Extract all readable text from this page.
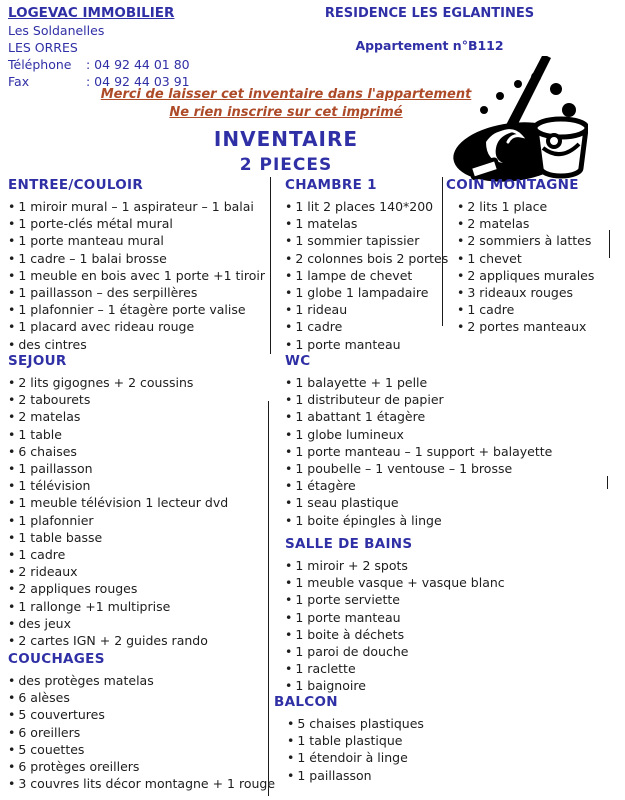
LOGEVAC IMMOBILIER
Les Soldanelles
LES ORRES
Téléphone	: 04 92 44 01 80
Fax	: 04 92 44 03 91
RESIDENCE LES EGLANTINES
Appartement n°B112
Merci de laisser cet inventaire dans l'appartement
Ne rien inscrire sur cet imprimé
INVENTAIRE
2 PIECES
ENTREE/COULOIR
• 1 miroir mural – 1 aspirateur – 1 balai
• 1 porte-clés métal mural
• 1 porte manteau mural
• 1 cadre – 1 balai brosse
• 1 meuble en bois avec 1 porte +1 tiroir
• 1 paillasson – des serpillères
• 1 plafonnier – 1 étagère porte valise
• 1 placard avec rideau rouge
• des cintres
SEJOUR
• 2 lits gigognes + 2 coussins
• 2 tabourets
• 2 matelas
• 1 table
• 6 chaises
• 1 paillasson
• 1 télévision
• 1 meuble télévision 1 lecteur dvd
• 1 plafonnier
• 1 table basse
• 1 cadre
• 2 rideaux
• 2 appliques rouges
• 1 rallonge +1 multiprise
• des jeux
• 2 cartes IGN + 2 guides rando
COUCHAGES
• des protèges matelas
• 6 alèses
• 5 couvertures
• 6 oreillers
• 5 couettes
• 6 protèges oreillers
• 3 couvres lits décor montagne + 1 rouge
CHAMBRE 1
• 1 lit 2 places 140*200
• 1 matelas
• 1 sommier tapissier
• 2 colonnes bois 2 portes
• 1 lampe de chevet
• 1 globe 1 lampadaire
• 1 rideau
• 1 cadre
• 1 porte manteau
WC
• 1 balayette + 1 pelle
• 1 distributeur de papier
• 1 abattant 1 étagère
• 1 globe lumineux
• 1 porte manteau – 1 support + balayette
• 1 poubelle – 1 ventouse – 1 brosse
• 1 étagère
• 1 seau plastique
• 1 boite épingles à linge
SALLE DE BAINS
• 1 miroir + 2 spots
• 1 meuble vasque + vasque blanc
• 1 porte serviette
• 1 porte manteau
• 1 boite à déchets
• 1 paroi de douche
• 1 raclette
• 1 baignoire
BALCON
• 5 chaises plastiques
• 1 table plastique
• 1 étendoir à linge
• 1 paillasson
COIN MONTAGNE
• 2 lits 1 place
• 2 matelas
• 2 sommiers à lattes
• 1 chevet
• 2 appliques murales
• 3 rideaux rouges
• 1 cadre
• 2 portes manteaux
